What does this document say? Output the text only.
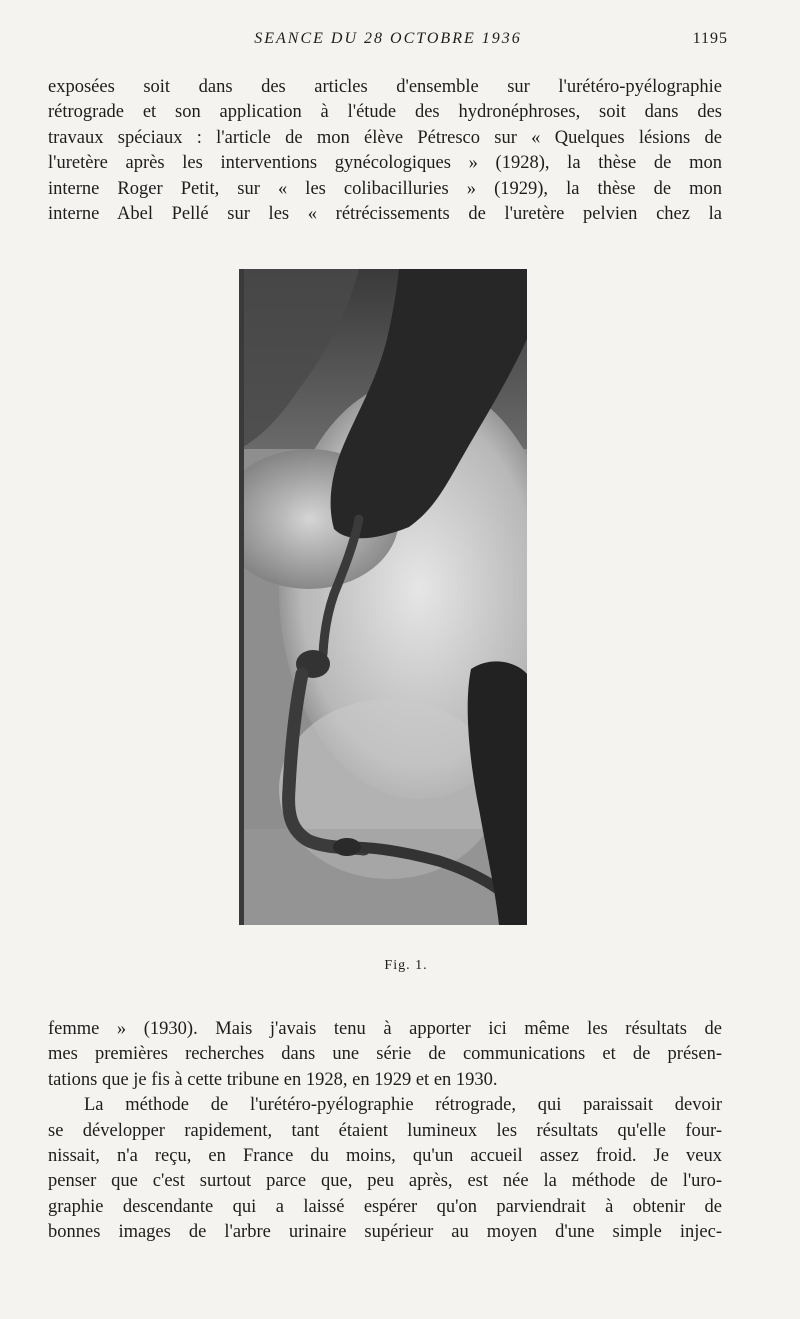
SEANCE DU 28 OCTOBRE 1936	1195
exposées soit dans des articles d'ensemble sur l'urétéro-pyélographie
rétrograde et son application à l'étude des hydronéphroses, soit dans des
travaux spéciaux : l'article de mon élève Pétresco sur « Quelques lésions de
l'uretère après les interventions gynécologiques » (1928), la thèse de mon
interne Roger Petit, sur « les colibacilluries » (1929), la thèse de mon
interne Abel Pellé sur les « rétrécissements de l'uretère pelvien chez la
Fig. 1.
femme » (1930). Mais j'avais tenu à apporter ici même les résultats de
mes premières recherches dans une série de communications et de présen-
tations que je fis à cette tribune en 1928, en 1929 et en 1930.
La méthode de l'urétéro-pyélographie rétrograde, qui paraissait devoir
se développer rapidement, tant étaient lumineux les résultats qu'elle four-
nissait, n'a reçu, en France du moins, qu'un accueil assez froid. Je veux
penser que c'est surtout parce que, peu après, est née la méthode de l'uro-
graphie descendante qui a laissé espérer qu'on parviendrait à obtenir de
bonnes images de l'arbre urinaire supérieur au moyen d'une simple injec-
